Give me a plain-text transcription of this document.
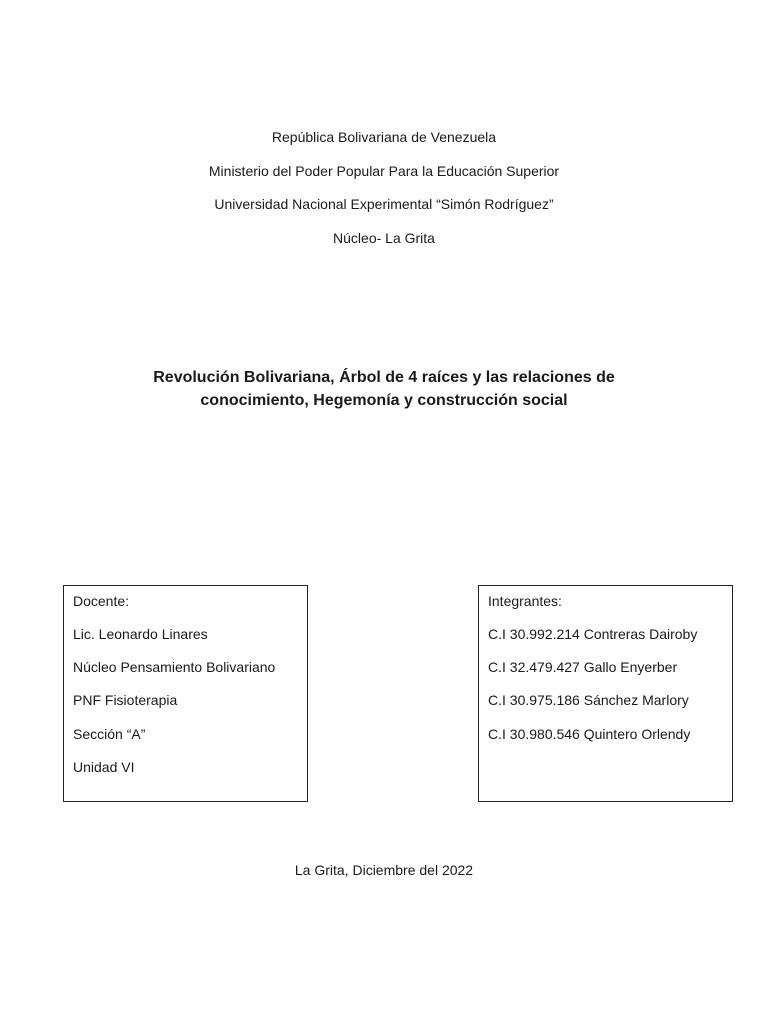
República Bolivariana de Venezuela

Ministerio del Poder Popular Para la Educación Superior

Universidad Nacional Experimental “Simón Rodríguez”

Núcleo- La Grita

Revolución Bolivariana, Árbol de 4 raíces y las relaciones de
conocimiento, Hegemonía y construcción social

Docente:

Lic. Leonardo Linares

Núcleo Pensamiento Bolivariano

PNF Fisioterapia

Sección “A”

Unidad VI

Integrantes:

C.I 30.992.214 Contreras Dairoby

C.I 32.479.427 Gallo Enyerber

C.I 30.975.186 Sánchez Marlory

C.I 30.980.546 Quintero Orlendy

La Grita, Diciembre del 2022
